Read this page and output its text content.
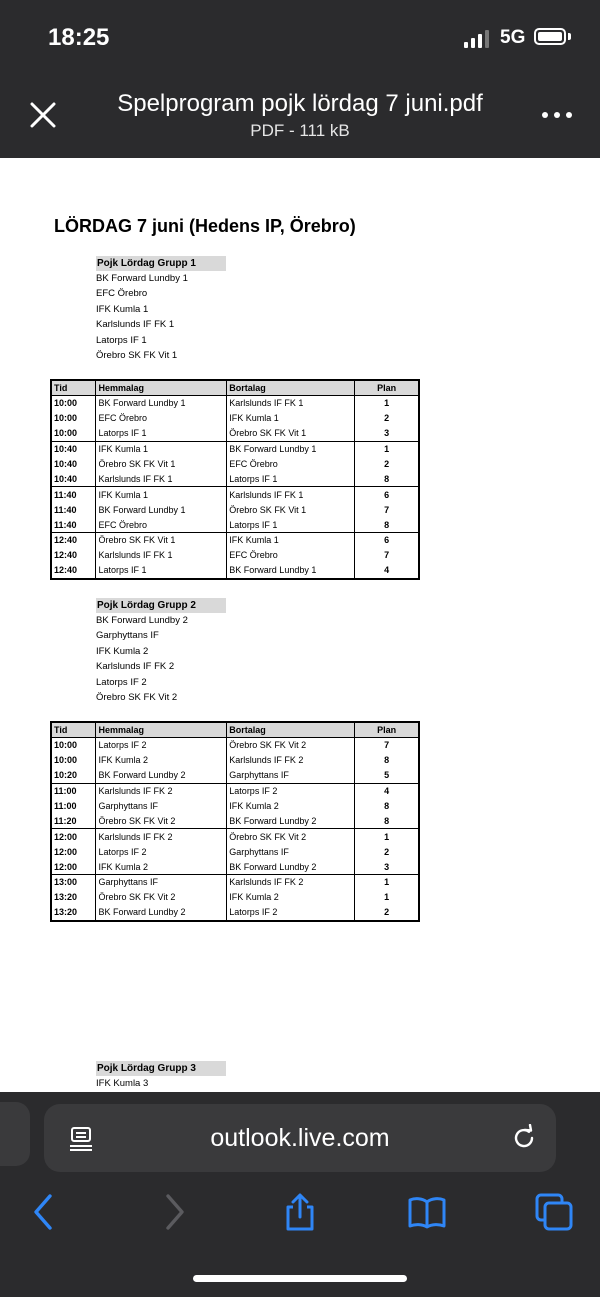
18:25	5G
Spelprogram pojk lördag 7 juni.pdf
PDF - 111 kB
LÖRDAG 7 juni (Hedens IP, Örebro)
Pojk Lördag Grupp 1
BK Forward Lundby 1
EFC Örebro
IFK Kumla 1
Karlslunds IF FK 1
Latorps IF 1
Örebro SK FK Vit 1
Tid	Hemmalag	Bortalag	Plan
10:00	BK Forward Lundby 1	Karlslunds IF FK 1	1
10:00	EFC Örebro	IFK Kumla 1	2
10:00	Latorps IF 1	Örebro SK FK Vit 1	3
10:40	IFK Kumla 1	BK Forward Lundby 1	1
10:40	Örebro SK FK Vit 1	EFC Örebro	2
10:40	Karlslunds IF FK 1	Latorps IF 1	8
11:40	IFK Kumla 1	Karlslunds IF FK 1	6
11:40	BK Forward Lundby 1	Örebro SK FK Vit 1	7
11:40	EFC Örebro	Latorps IF 1	8
12:40	Örebro SK FK Vit 1	IFK Kumla 1	6
12:40	Karlslunds IF FK 1	EFC Örebro	7
12:40	Latorps IF 1	BK Forward Lundby 1	4
Pojk Lördag Grupp 2
BK Forward Lundby 2
Garphyttans IF
IFK Kumla 2
Karlslunds IF FK 2
Latorps IF 2
Örebro SK FK Vit 2
Tid	Hemmalag	Bortalag	Plan
10:00	Latorps IF 2	Örebro SK FK Vit 2	7
10:00	IFK Kumla 2	Karlslunds IF FK 2	8
10:20	BK Forward Lundby 2	Garphyttans IF	5
11:00	Karlslunds IF FK 2	Latorps IF 2	4
11:00	Garphyttans IF	IFK Kumla 2	8
11:20	Örebro SK FK Vit 2	BK Forward Lundby 2	8
12:00	Karlslunds IF FK 2	Örebro SK FK Vit 2	1
12:00	Latorps IF 2	Garphyttans IF	2
12:00	IFK Kumla 2	BK Forward Lundby 2	3
13:00	Garphyttans IF	Karlslunds IF FK 2	1
13:20	Örebro SK FK Vit 2	IFK Kumla 2	1
13:20	BK Forward Lundby 2	Latorps IF 2	2
Pojk Lördag Grupp 3
IFK Kumla 3
outlook.live.com
